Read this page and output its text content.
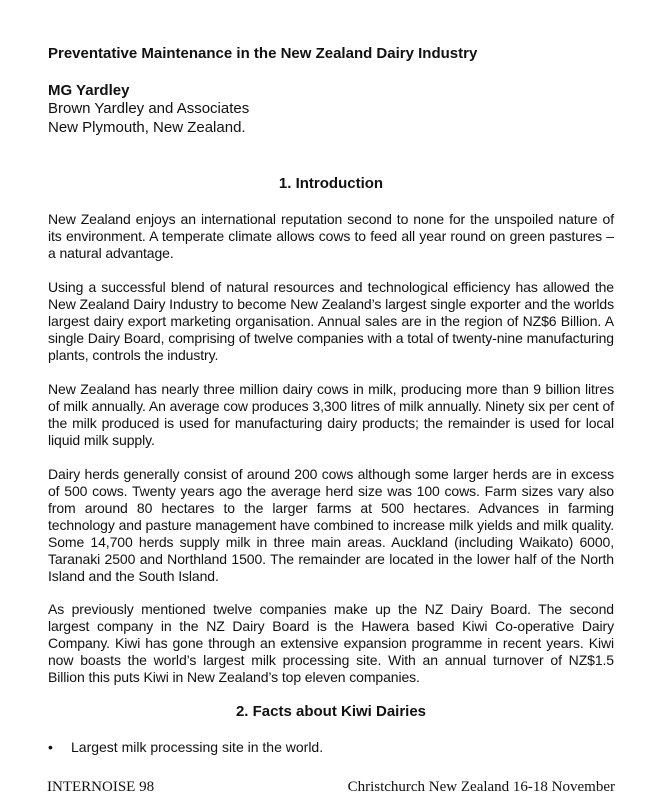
Preventative Maintenance in the New Zealand Dairy Industry
MG Yardley
Brown Yardley and Associates
New Plymouth, New Zealand.
1. Introduction

New Zealand enjoys an international reputation second to none for the unspoiled nature of its environment. A temperate climate allows cows to feed all year round on green pastures – a natural advantage.

Using a successful blend of natural resources and technological efficiency has allowed the New Zealand Dairy Industry to become New Zealand’s largest single exporter and the worlds largest dairy export marketing organisation. Annual sales are in the region of NZ$6 Billion. A single Dairy Board, comprising of twelve companies with a total of twenty-nine manufacturing plants, controls the industry.

New Zealand has nearly three million dairy cows in milk, producing more than 9 billion litres of milk annually. An average cow produces 3,300 litres of milk annually. Ninety six per cent of the milk produced is used for manufacturing dairy products; the remainder is used for local liquid milk supply.

Dairy herds generally consist of around 200 cows although some larger herds are in excess of 500 cows. Twenty years ago the average herd size was 100 cows. Farm sizes vary also from around 80 hectares to the larger farms at 500 hectares. Advances in farming technology and pasture management have combined to increase milk yields and milk quality. Some 14,700 herds supply milk in three main areas. Auckland (including Waikato) 6000, Taranaki 2500 and Northland 1500. The remainder are located in the lower half of the North Island and the South Island.

As previously mentioned twelve companies make up the NZ Dairy Board. The second largest company in the NZ Dairy Board is the Hawera based Kiwi Co-operative Dairy Company. Kiwi has gone through an extensive expansion programme in recent years. Kiwi now boasts the world’s largest milk processing site. With an annual turnover of NZ$1.5 Billion this puts Kiwi in New Zealand’s top eleven companies.

2. Facts about Kiwi Dairies
• Largest milk processing site in the world.
INTERNOISE 98	Christchurch New Zealand 16-18 November
